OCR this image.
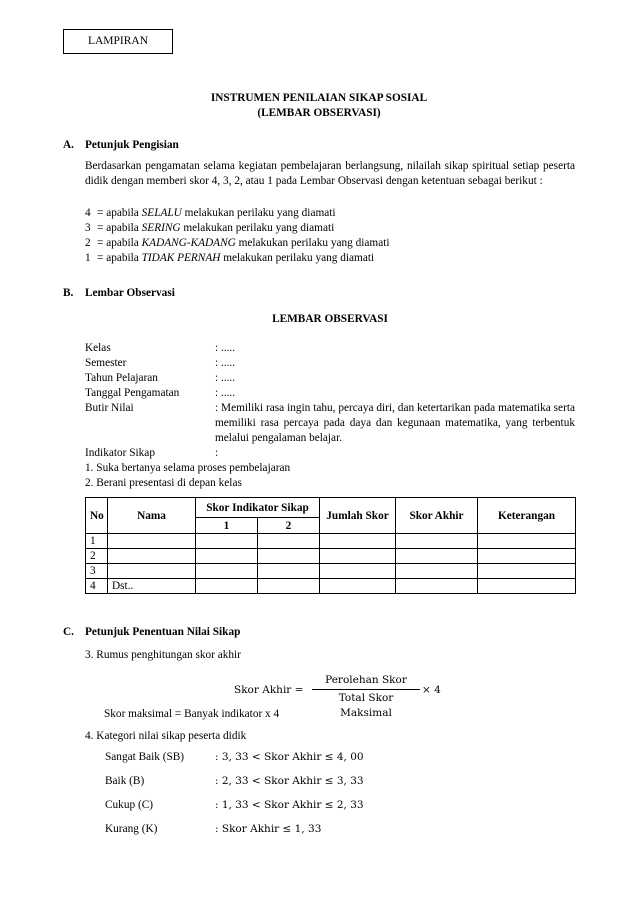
LAMPIRAN
INSTRUMEN PENILAIAN SIKAP SOSIAL
(LEMBAR OBSERVASI)
A. Petunjuk Pengisian
Berdasarkan pengamatan selama kegiatan pembelajaran berlangsung, nilailah sikap spiritual setiap peserta didik dengan memberi skor 4, 3, 2, atau 1 pada Lembar Observasi dengan ketentuan sebagai berikut :
4 = apabila SELALU melakukan perilaku yang diamati
3 = apabila SERING melakukan perilaku yang diamati
2 = apabila KADANG-KADANG melakukan perilaku yang diamati
1 = apabila TIDAK PERNAH melakukan perilaku yang diamati
B. Lembar Observasi
LEMBAR OBSERVASI
Kelas	: .....
Semester	: .....
Tahun Pelajaran	: .....
Tanggal Pengamatan	: .....
Butir Nilai	: Memiliki rasa ingin tahu, percaya diri, dan ketertarikan pada matematika serta memiliki rasa percaya pada daya dan kegunaan matematika, yang terbentuk melalui pengalaman belajar.
Indikator Sikap	:
1. Suka bertanya selama proses pembelajaran
2. Berani presentasi di depan kelas
No	Nama	Skor Indikator Sikap		Jumlah Skor	Skor Akhir	Keterangan
		1	2			
1						
2						
3						
4	Dst..					
C. Petunjuk Penentuan Nilai Sikap
3. Rumus penghitungan skor akhir
Skor Akhir =
Perolehan Skor
Total Skor Maksimal
× 4
Skor maksimal = Banyak indikator x 4
4. Kategori nilai sikap peserta didik
Sangat Baik (SB)	: 3, 33 < Skor Akhir ≤ 4, 00
Baik (B)	: 2, 33 < Skor Akhir ≤ 3, 33
Cukup (C)	: 1, 33 < Skor Akhir ≤ 2, 33
Kurang (K)	: Skor Akhir ≤ 1, 33
